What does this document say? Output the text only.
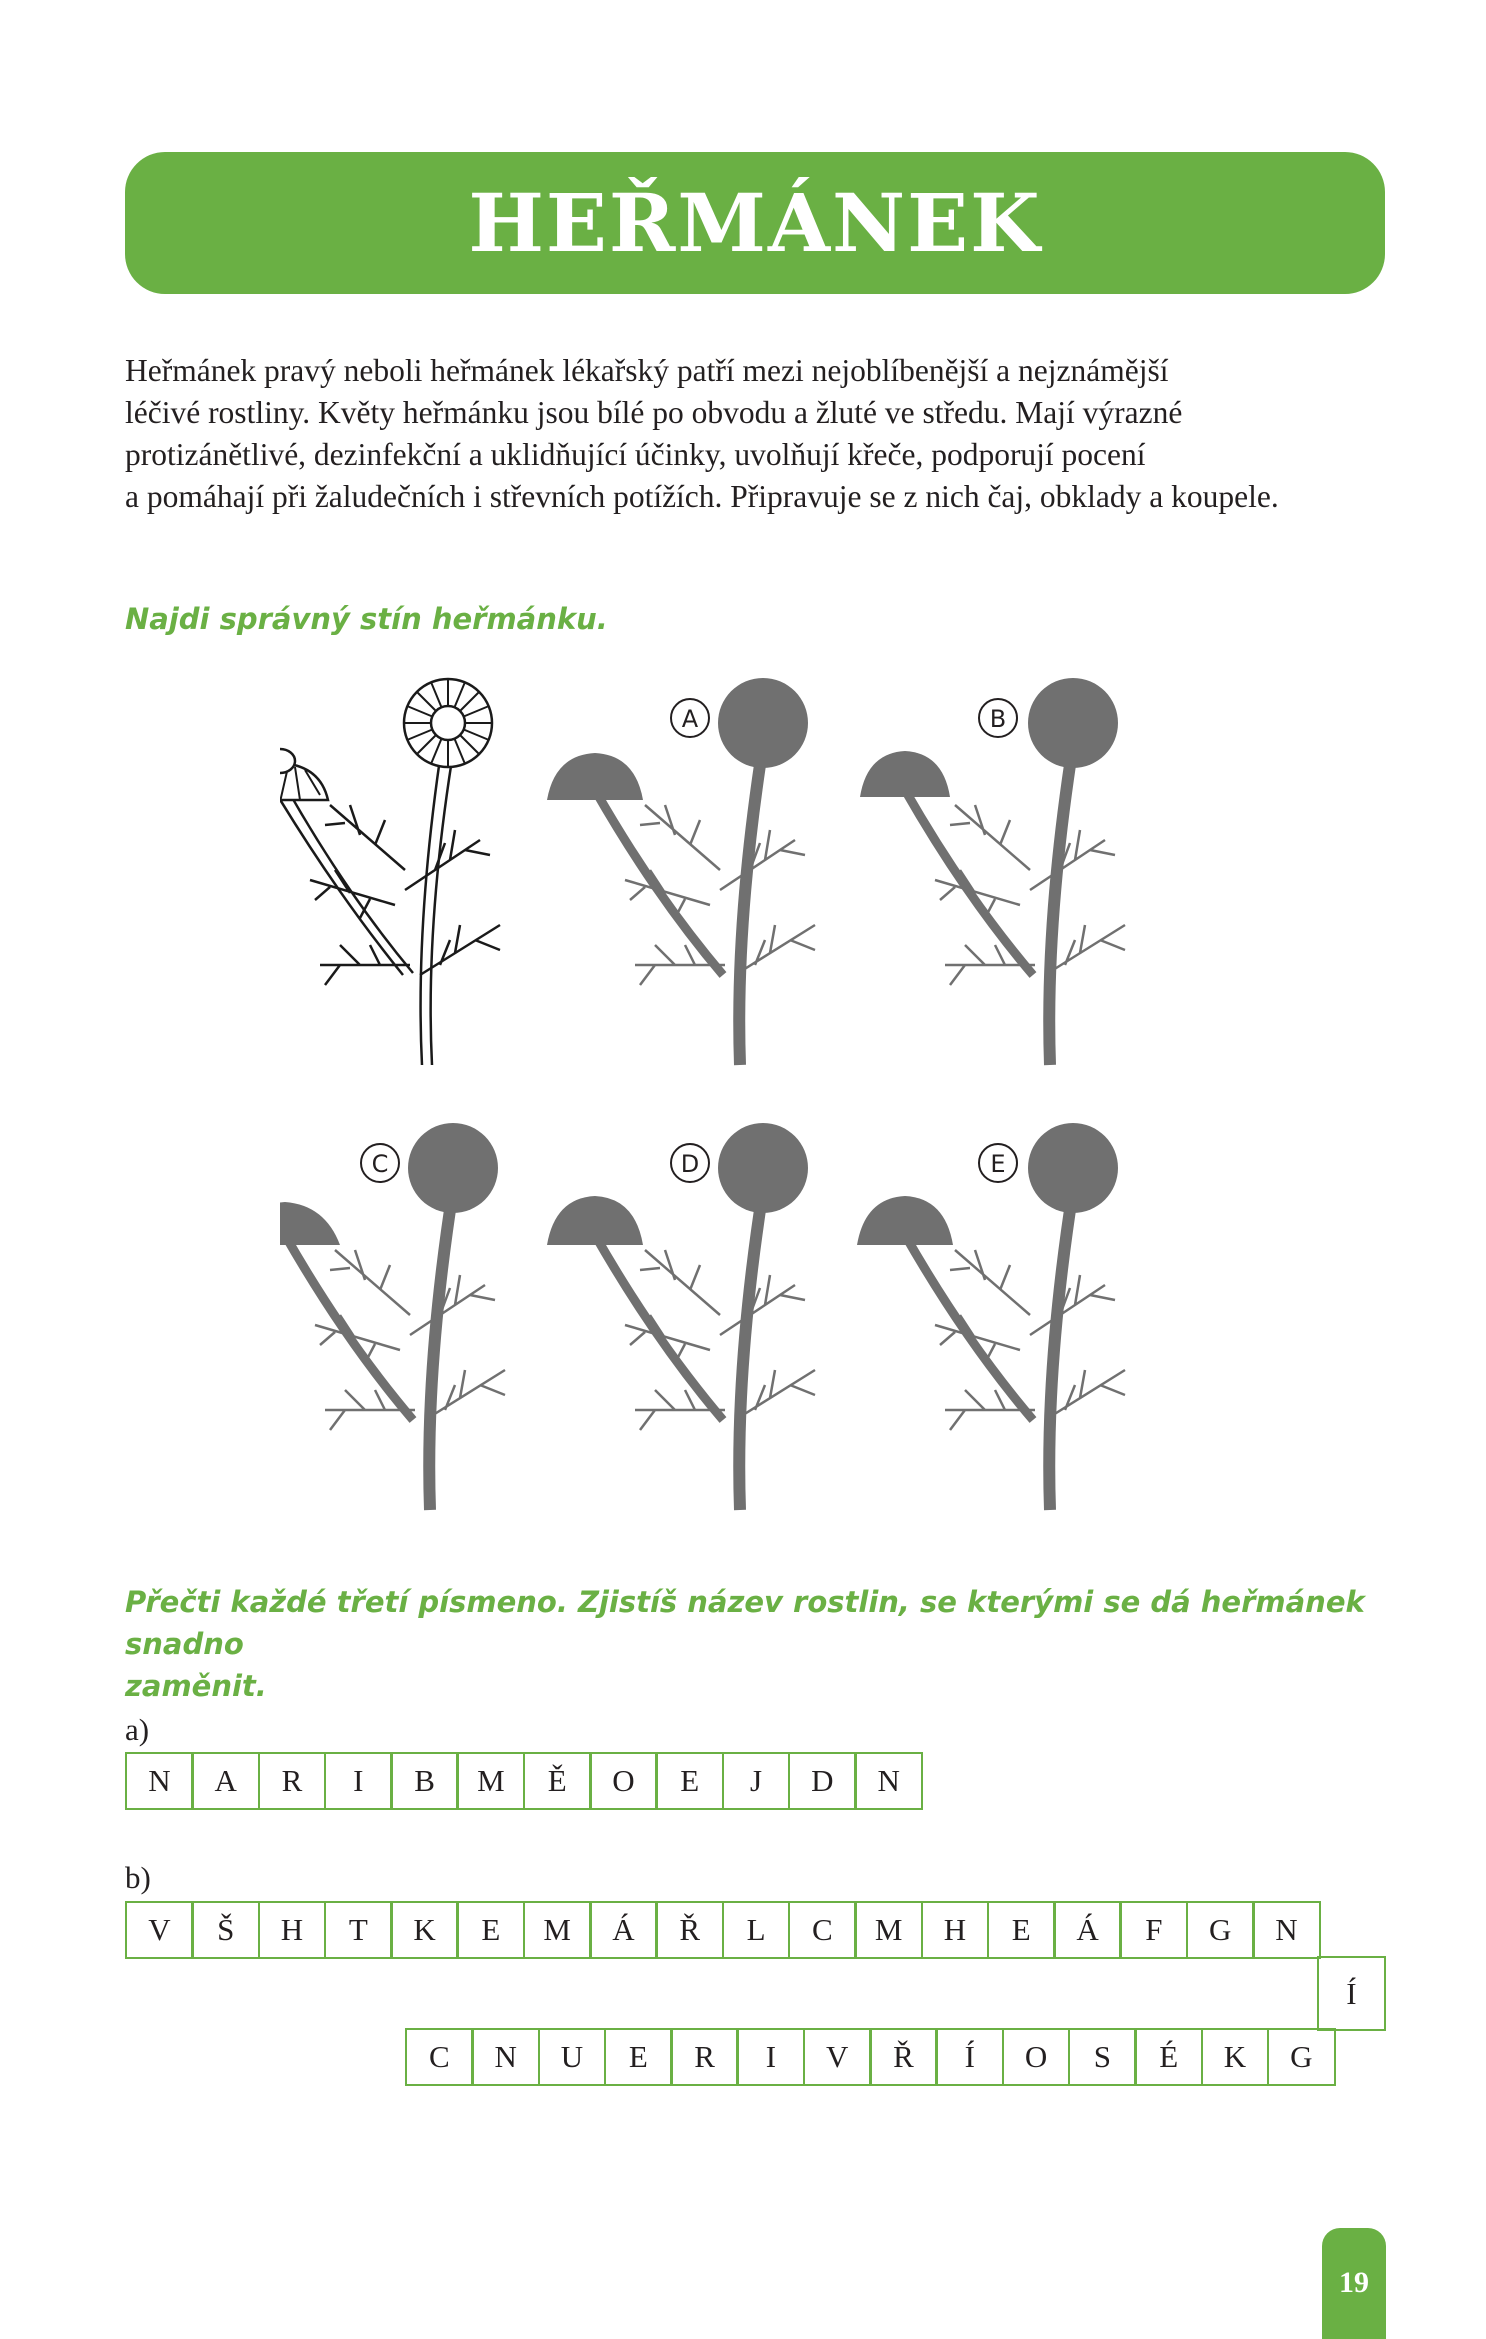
HEŘMÁNEK
Heřmánek pravý neboli heřmánek lékařský patří mezi nejoblíbenější a nejznámější
léčivé rostliny. Květy heřmánku jsou bílé po obvodu a žluté ve středu. Mají výrazné
protizánětlivé, dezinfekční a uklidňující účinky, uvolňují křeče, podporují pocení
a pomáhají při žaludečních i střevních potížích. Připravuje se z nich čaj, obklady a koupele.
Najdi správný stín heřmánku.
A	B
C	D	E
Přečti každé třetí písmeno. Zjistíš název rostlin, se kterými se dá heřmánek snadno
zaměnit.
a)
N	A	R	I	B	M	Ě	O	E	J	D	N
b)
V	Š	H	T	K	E	M	Á	Ř	L	C	M	H	E	Á	F	G	N
Í
C	N	U	E	R	I	V	Ř	Í	O	S	É	K	G
19
